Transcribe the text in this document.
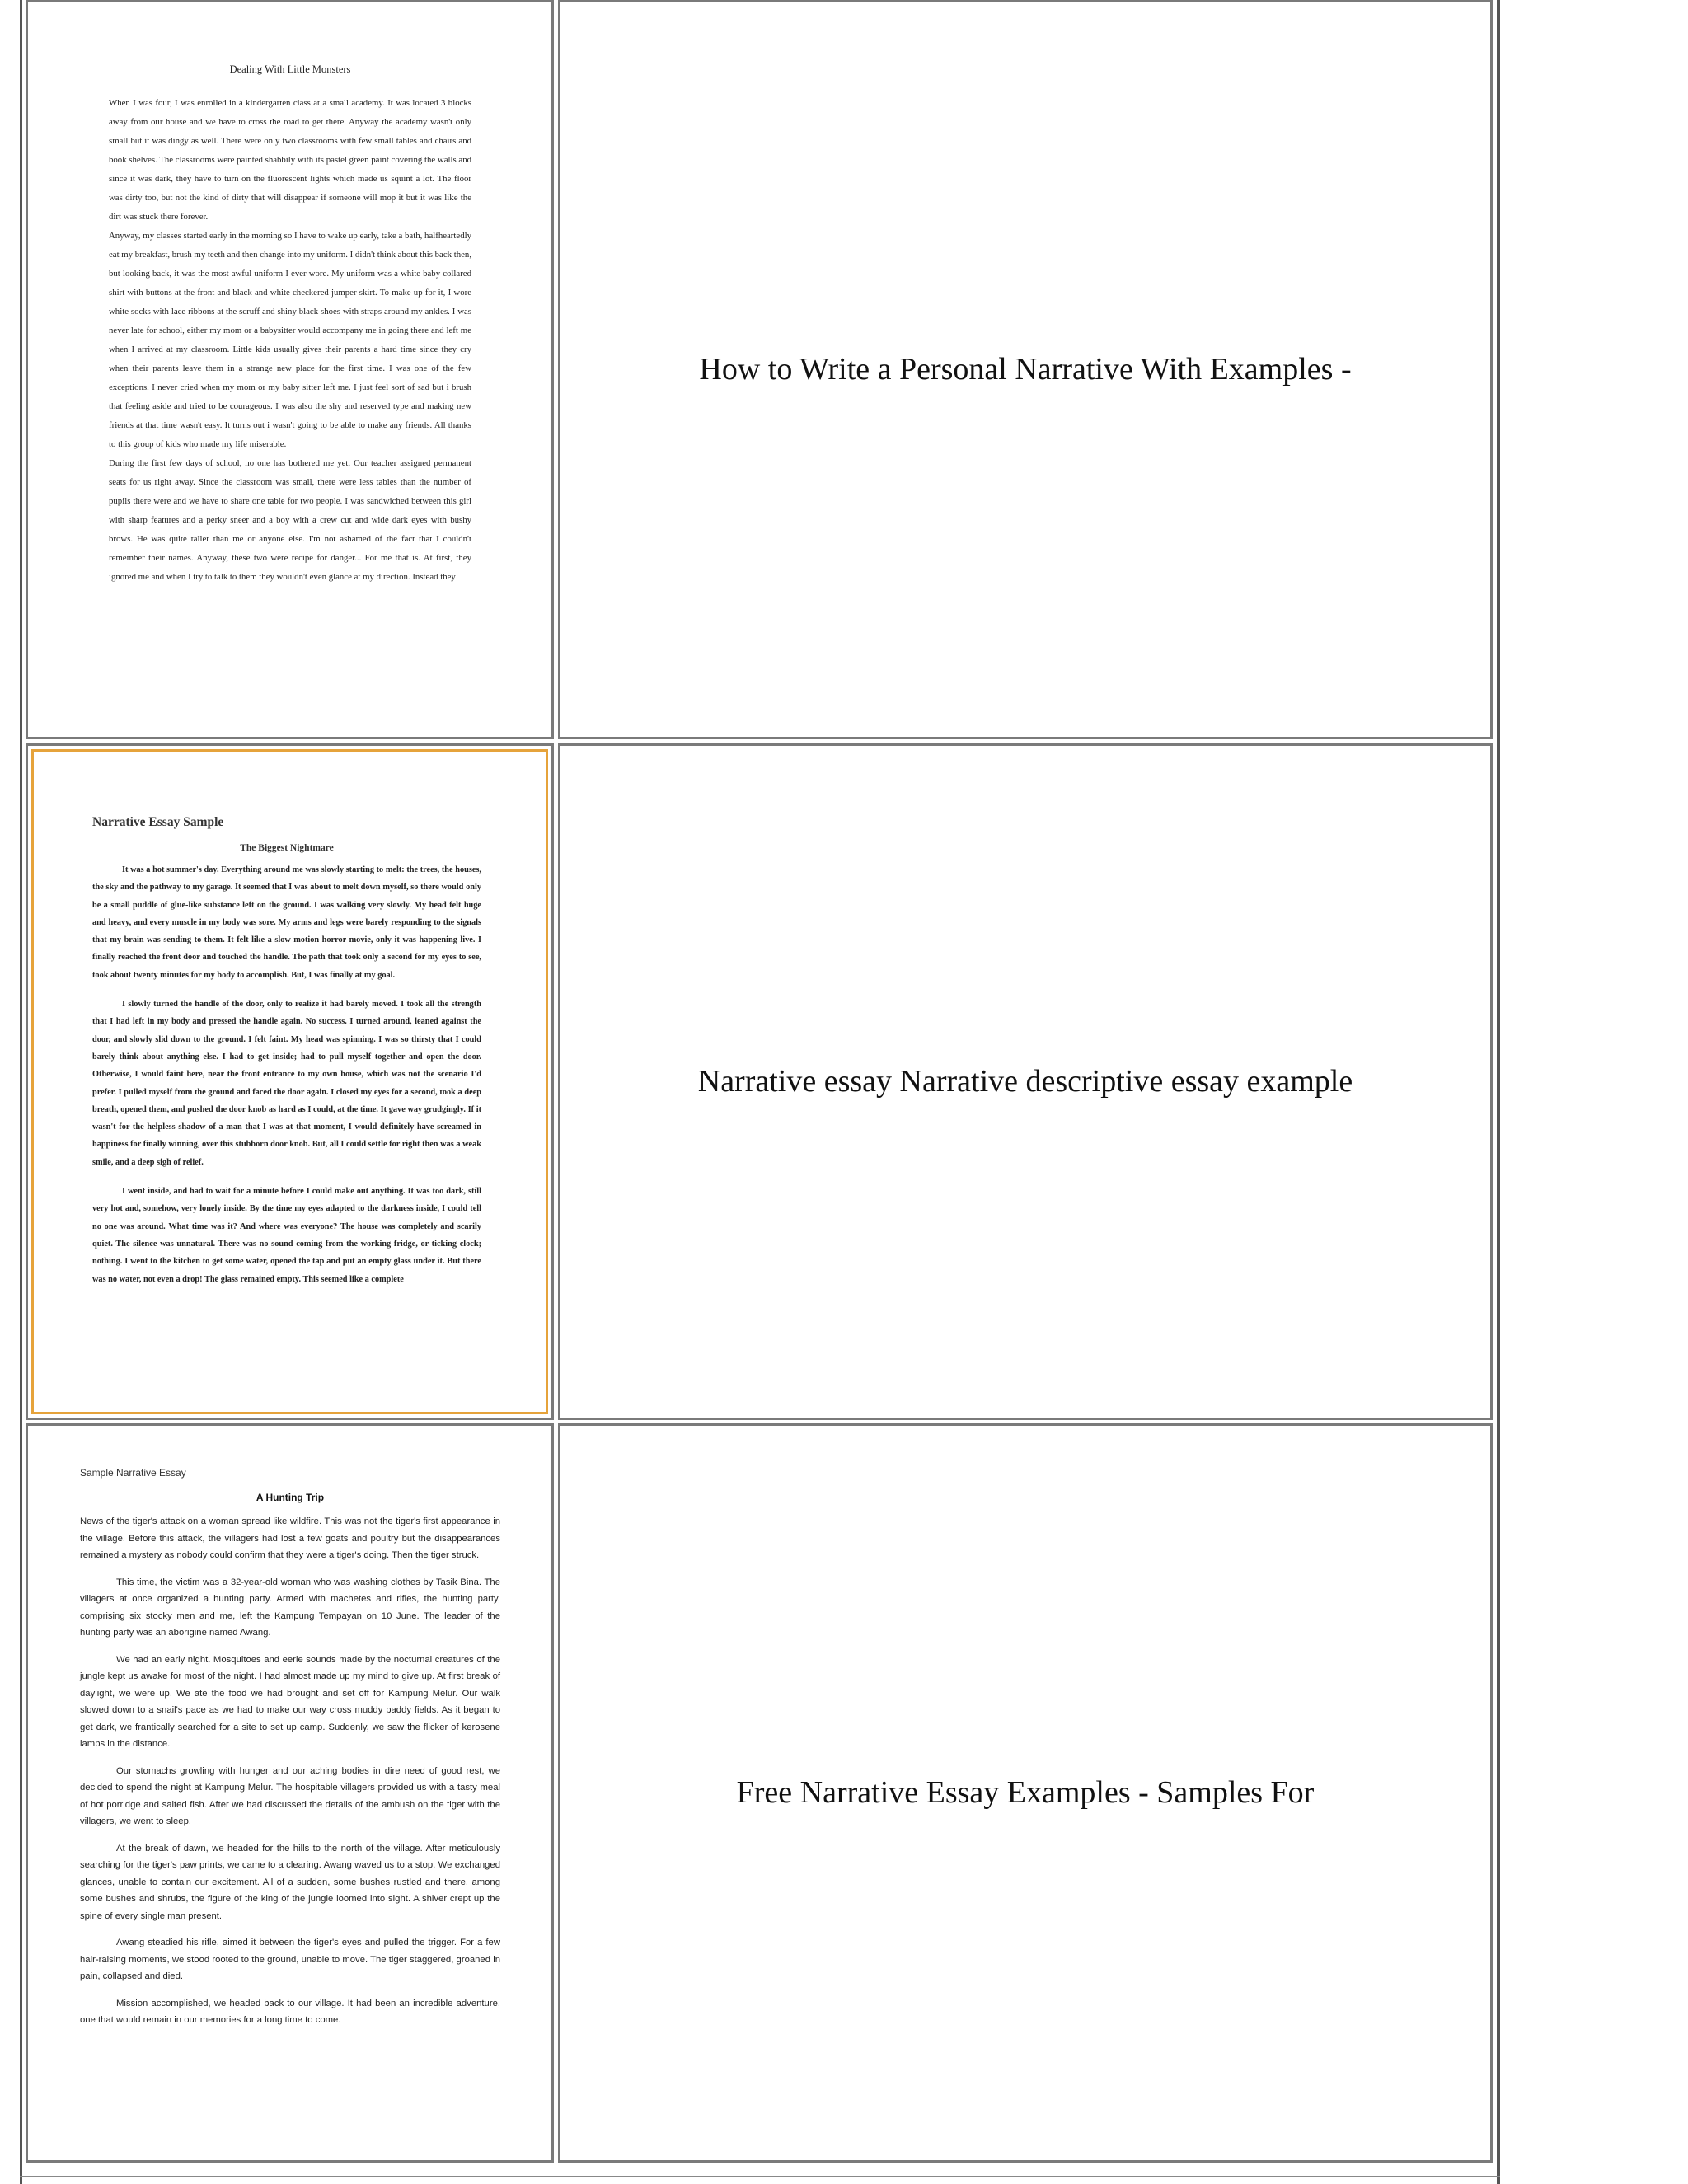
Dealing With Little Monsters

When I was four, I was enrolled in a kindergarten class at a small academy. It was located 3 blocks away from our house and we have to cross the road to get there. Anyway the academy wasn't only small but it was dingy as well. There were only two classrooms with few small tables and chairs and book shelves. The classrooms were painted shabbily with its pastel green paint covering the walls and since it was dark, they have to turn on the fluorescent lights which made us squint a lot. The floor was dirty too, but not the kind of dirty that will disappear if someone will mop it but it was like the dirt was stuck there forever.

Anyway, my classes started early in the morning so I have to wake up early, take a bath, halfheartedly eat my breakfast, brush my teeth and then change into my uniform. I didn't think about this back then, but looking back, it was the most awful uniform I ever wore. My uniform was a white baby collared shirt with buttons at the front and black and white checkered jumper skirt. To make up for it, I wore white socks with lace ribbons at the scruff and shiny black shoes with straps around my ankles. I was never late for school, either my mom or a babysitter would accompany me in going there and left me when I arrived at my classroom. Little kids usually gives their parents a hard time since they cry when their parents leave them in a strange new place for the first time. I was one of the few exceptions. I never cried when my mom or my baby sitter left me. I just feel sort of sad but i brush that feeling aside and tried to be courageous. I was also the shy and reserved type and making new friends at that time wasn't easy. It turns out i wasn't going to be able to make any friends. All thanks to this group of kids who made my life miserable.

During the first few days of school, no one has bothered me yet. Our teacher assigned permanent seats for us right away. Since the classroom was small, there were less tables than the number of pupils there were and we have to share one table for two people. I was sandwiched between this girl with sharp features and a perky sneer and a boy with a crew cut and wide dark eyes with bushy brows. He was quite taller than me or anyone else. I'm not ashamed of the fact that I couldn't remember their names. Anyway, these two were recipe for danger... For me that is. At first, they ignored me and when I try to talk to them they wouldn't even glance at my direction. Instead they

How to Write a Personal Narrative With Examples -
Narrative Essay Sample
The Biggest Nightmare

It was a hot summer's day. Everything around me was slowly starting to melt: the trees, the houses, the sky and the pathway to my garage. It seemed that I was about to melt down myself, so there would only be a small puddle of glue-like substance left on the ground. I was walking very slowly. My head felt huge and heavy, and every muscle in my body was sore. My arms and legs were barely responding to the signals that my brain was sending to them. It felt like a slow-motion horror movie, only it was happening live. I finally reached the front door and touched the handle. The path that took only a second for my eyes to see, took about twenty minutes for my body to accomplish. But, I was finally at my goal.

I slowly turned the handle of the door, only to realize it had barely moved. I took all the strength that I had left in my body and pressed the handle again. No success. I turned around, leaned against the door, and slowly slid down to the ground. I felt faint. My head was spinning. I was so thirsty that I could barely think about anything else. I had to get inside; had to pull myself together and open the door. Otherwise, I would faint here, near the front entrance to my own house, which was not the scenario I'd prefer. I pulled myself from the ground and faced the door again. I closed my eyes for a second, took a deep breath, opened them, and pushed the door knob as hard as I could, at the time. It gave way grudgingly. If it wasn't for the helpless shadow of a man that I was at that moment, I would definitely have screamed in happiness for finally winning, over this stubborn door knob. But, all I could settle for right then was a weak smile, and a deep sigh of relief.

I went inside, and had to wait for a minute before I could make out anything. It was too dark, still very hot and, somehow, very lonely inside. By the time my eyes adapted to the darkness inside, I could tell no one was around. What time was it? And where was everyone? The house was completely and scarily quiet. The silence was unnatural. There was no sound coming from the working fridge, or ticking clock; nothing. I went to the kitchen to get some water, opened the tap and put an empty glass under it. But there was no water, not even a drop! The glass remained empty. This seemed like a complete

Narrative essay Narrative descriptive essay example
Sample Narrative Essay
A Hunting Trip

News of the tiger's attack on a woman spread like wildfire. This was not the tiger's first appearance in the village. Before this attack, the villagers had lost a few goats and poultry but the disappearances remained a mystery as nobody could confirm that they were a tiger's doing. Then the tiger struck.

This time, the victim was a 32-year-old woman who was washing clothes by Tasik Bina. The villagers at once organized a hunting party. Armed with machetes and rifles, the hunting party, comprising six stocky men and me, left the Kampung Tempayan on 10 June. The leader of the hunting party was an aborigine named Awang.

We had an early night. Mosquitoes and eerie sounds made by the nocturnal creatures of the jungle kept us awake for most of the night. I had almost made up my mind to give up. At first break of daylight, we were up. We ate the food we had brought and set off for Kampung Melur. Our walk slowed down to a snail's pace as we had to make our way cross muddy paddy fields. As it began to get dark, we frantically searched for a site to set up camp. Suddenly, we saw the flicker of kerosene lamps in the distance.

Our stomachs growling with hunger and our aching bodies in dire need of good rest, we decided to spend the night at Kampung Melur. The hospitable villagers provided us with a tasty meal of hot porridge and salted fish. After we had discussed the details of the ambush on the tiger with the villagers, we went to sleep.

At the break of dawn, we headed for the hills to the north of the village. After meticulously searching for the tiger's paw prints, we came to a clearing. Awang waved us to a stop. We exchanged glances, unable to contain our excitement. All of a sudden, some bushes rustled and there, among some bushes and shrubs, the figure of the king of the jungle loomed into sight. A shiver crept up the spine of every single man present.

Awang steadied his rifle, aimed it between the tiger's eyes and pulled the trigger. For a few hair-raising moments, we stood rooted to the ground, unable to move. The tiger staggered, groaned in pain, collapsed and died.

Mission accomplished, we headed back to our village. It had been an incredible adventure, one that would remain in our memories for a long time to come.

Free Narrative Essay Examples - Samples For
